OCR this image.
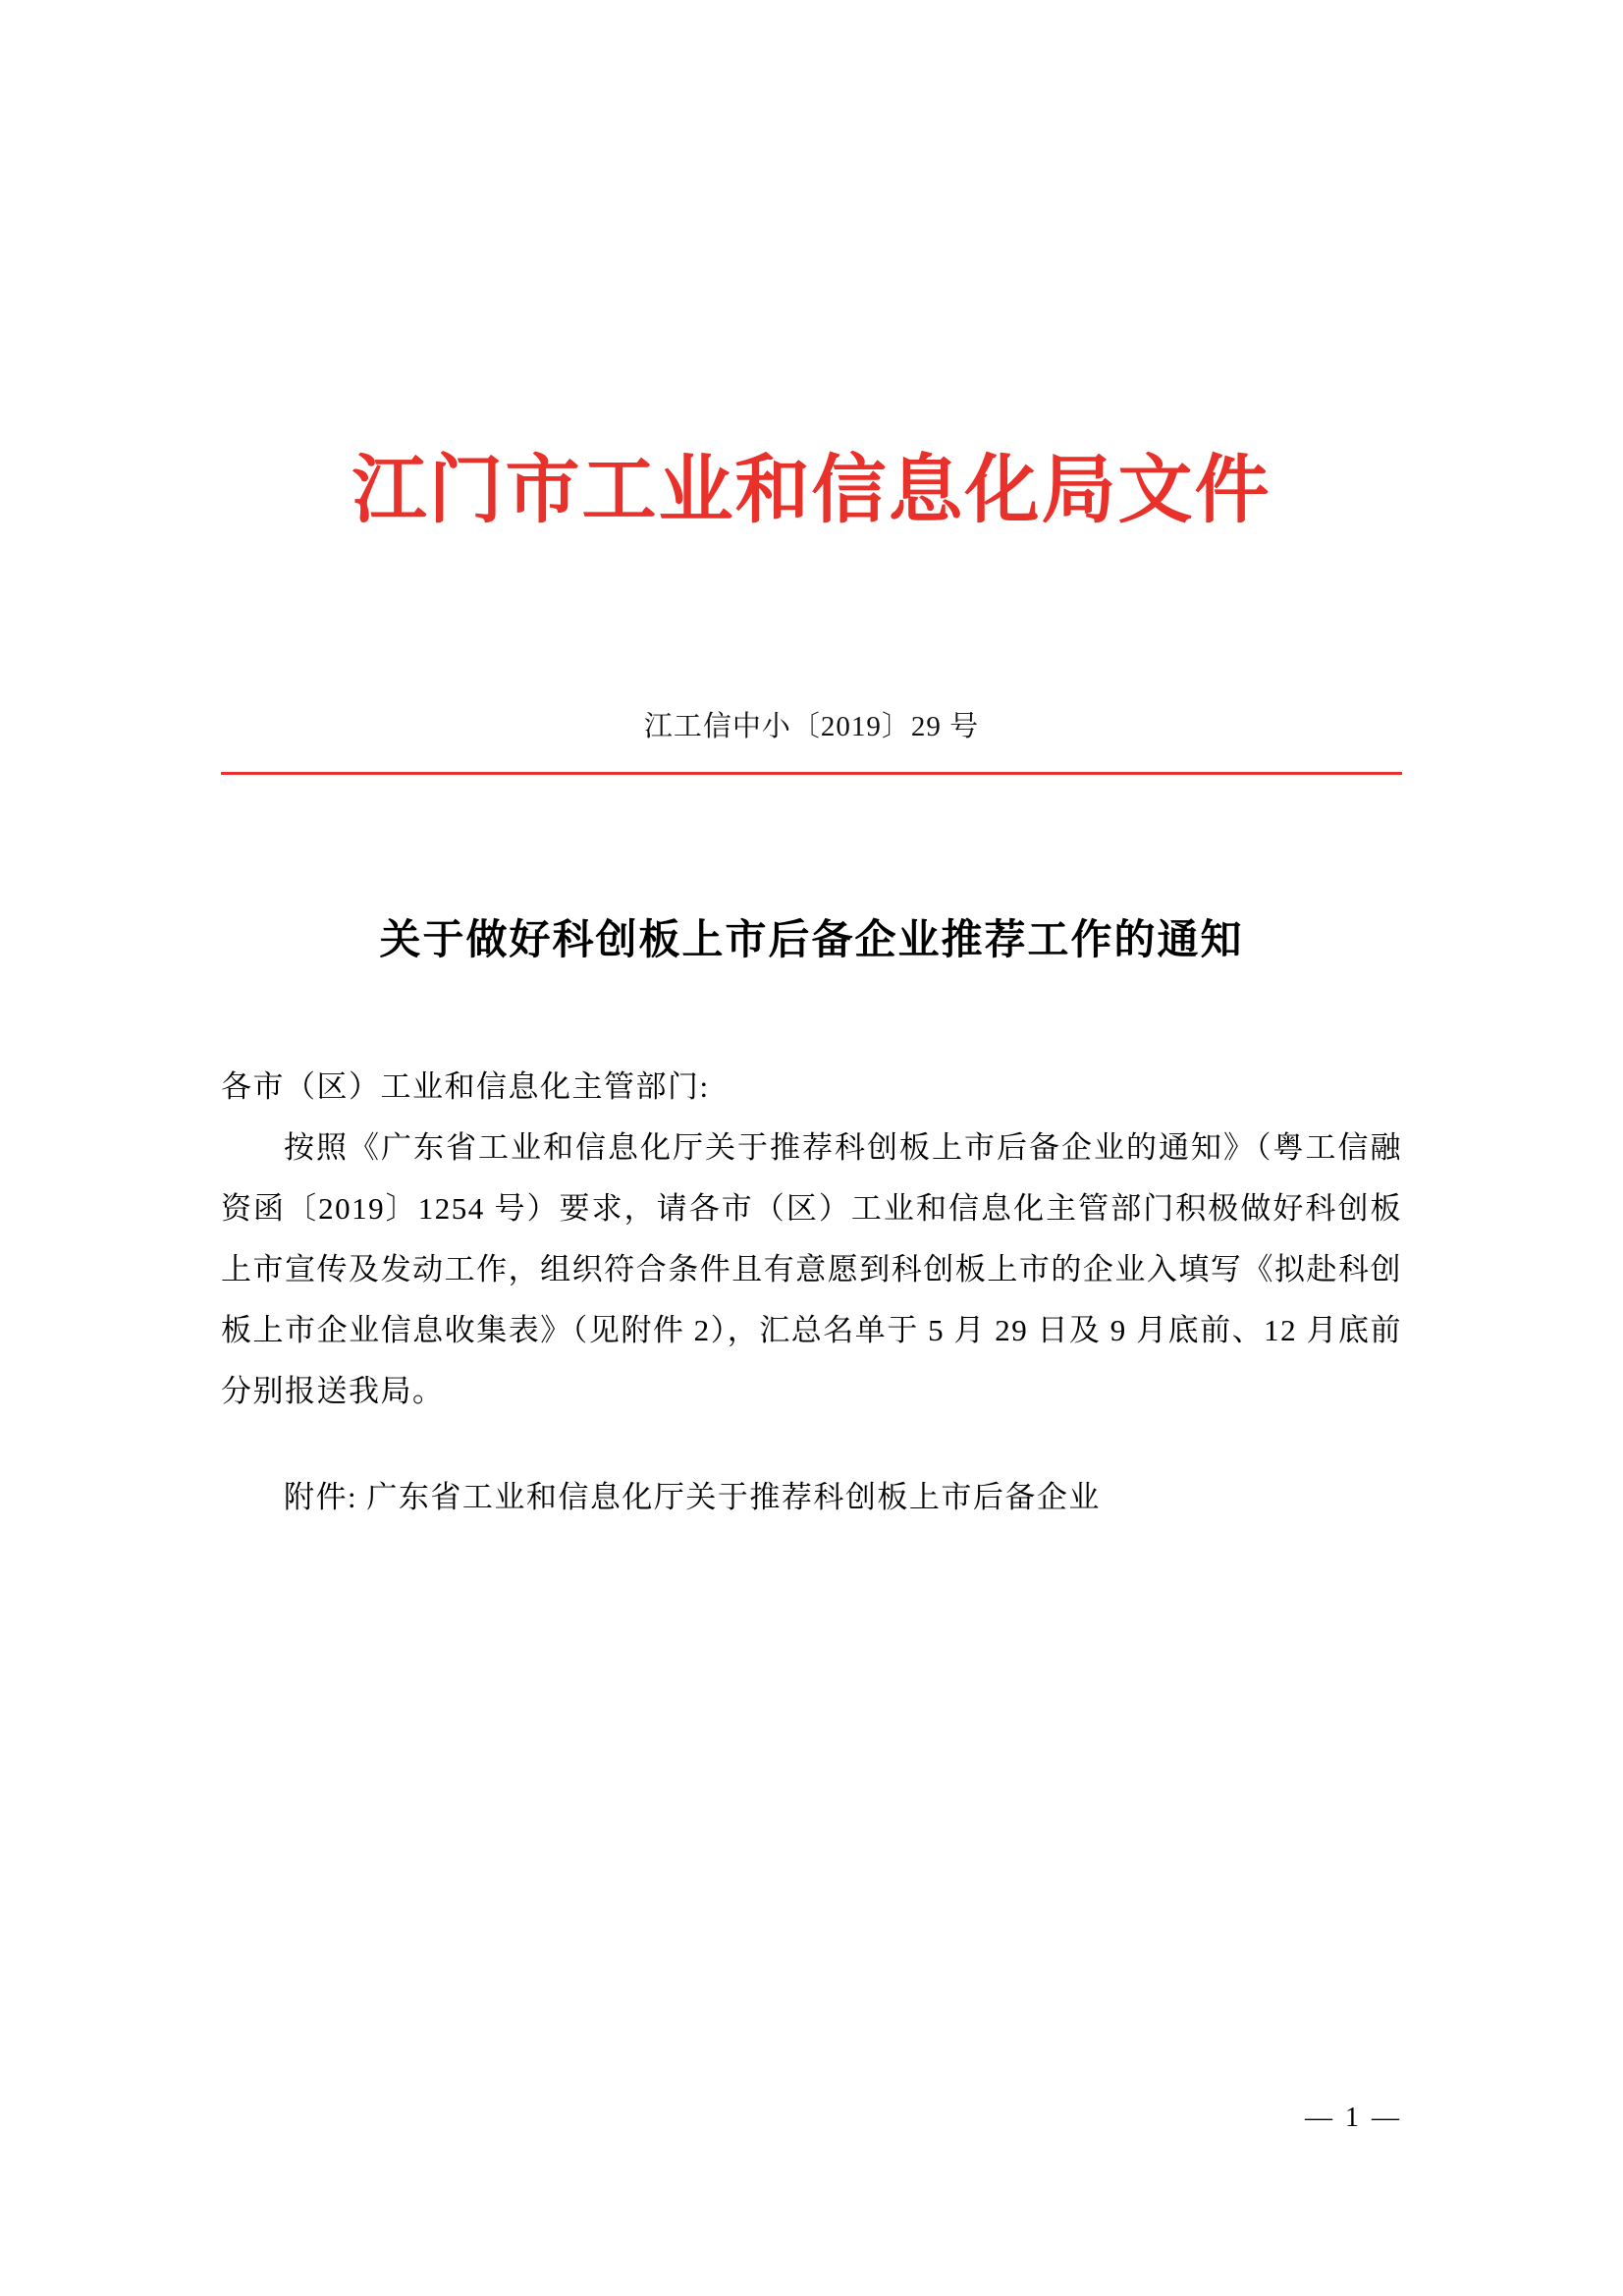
江门市工业和信息化局文件
江工信中小〔2019〕29 号
关于做好科创板上市后备企业推荐工作的通知

各市（区）工业和信息化主管部门:

按照《广东省工业和信息化厅关于推荐科创板上市后备企业的通知》（粤工信融资函〔2019〕1254 号）要求，请各市（区）工业和信息化主管部门积极做好科创板上市宣传及发动工作，组织符合条件且有意愿到科创板上市的企业入填写《拟赴科创板上市企业信息收集表》（见附件 2），汇总名单于 5 月 29 日及 9 月底前、12 月底前分别报送我局。

附件: 广东省工业和信息化厅关于推荐科创板上市后备企业

— 1 —
